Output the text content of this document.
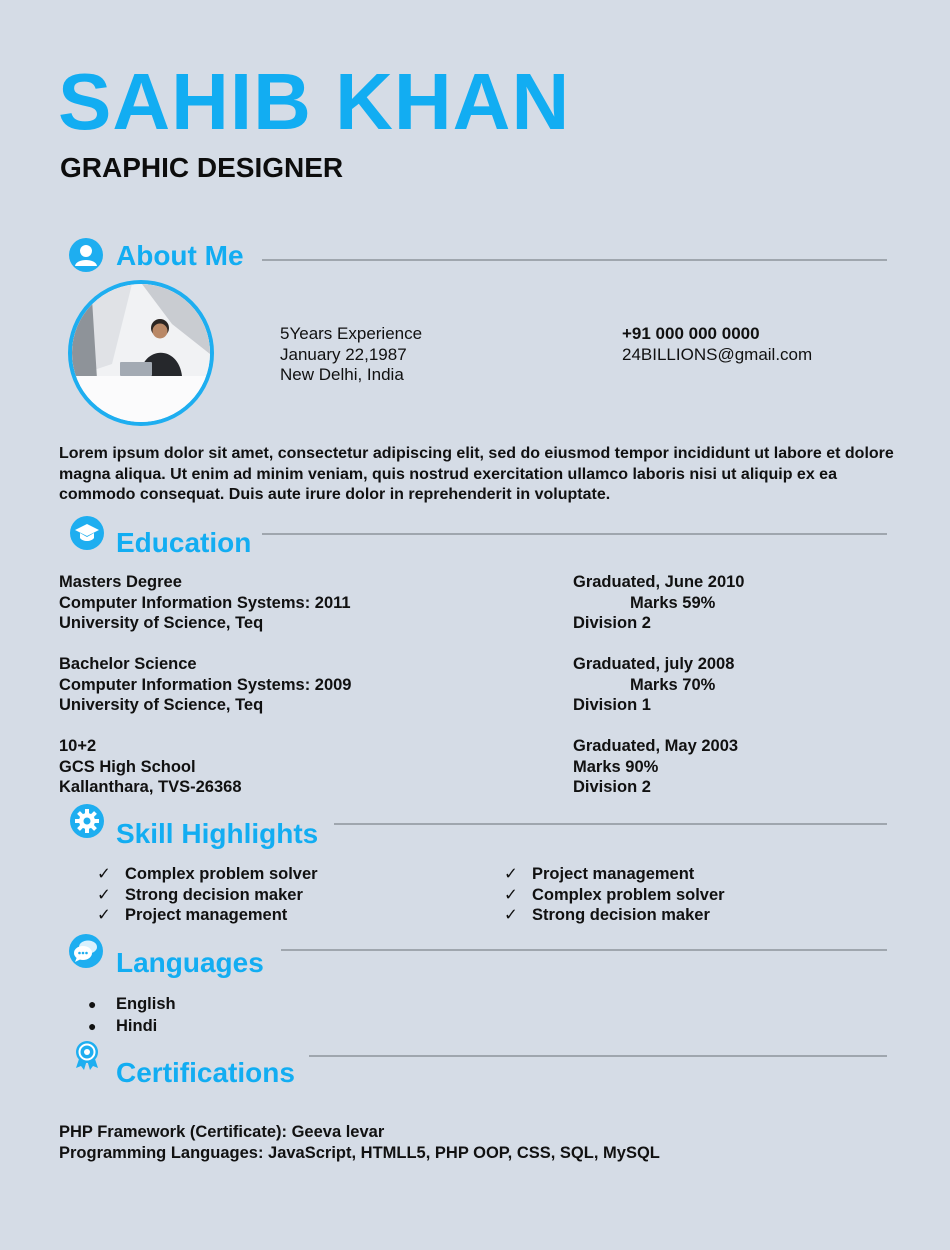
SAHIB KHAN
GRAPHIC DESIGNER
About Me
5Years Experience
January 22,1987
New Delhi, India
+91 000 000 0000
24BILLIONS@gmail.com
Lorem ipsum dolor sit amet, consectetur adipiscing elit, sed do eiusmod tempor incididunt ut labore et dolore magna aliqua. Ut enim ad minim veniam, quis nostrud exercitation ullamco laboris nisi ut aliquip ex ea commodo consequat. Duis aute irure dolor in reprehenderit in voluptate.
Education
Masters Degree
Computer Information Systems: 2011
University of Science, Teq
Graduated, June 2010
Marks 59%
Division 2
Bachelor Science
Computer Information Systems: 2009
University of Science, Teq
Graduated, july 2008
Marks 70%
Division 1
10+2
GCS High School
Kallanthara, TVS-26368
Graduated, May 2003
Marks 90%
Division 2
Skill Highlights
✓ Complex problem solver
✓ Strong decision maker
✓ Project management
✓ Project management
✓ Complex problem solver
✓ Strong decision maker
Languages
● English
● Hindi
Certifications
PHP Framework (Certificate): Geeva levar
Programming Languages: JavaScript, HTMLL5, PHP OOP, CSS, SQL, MySQL
